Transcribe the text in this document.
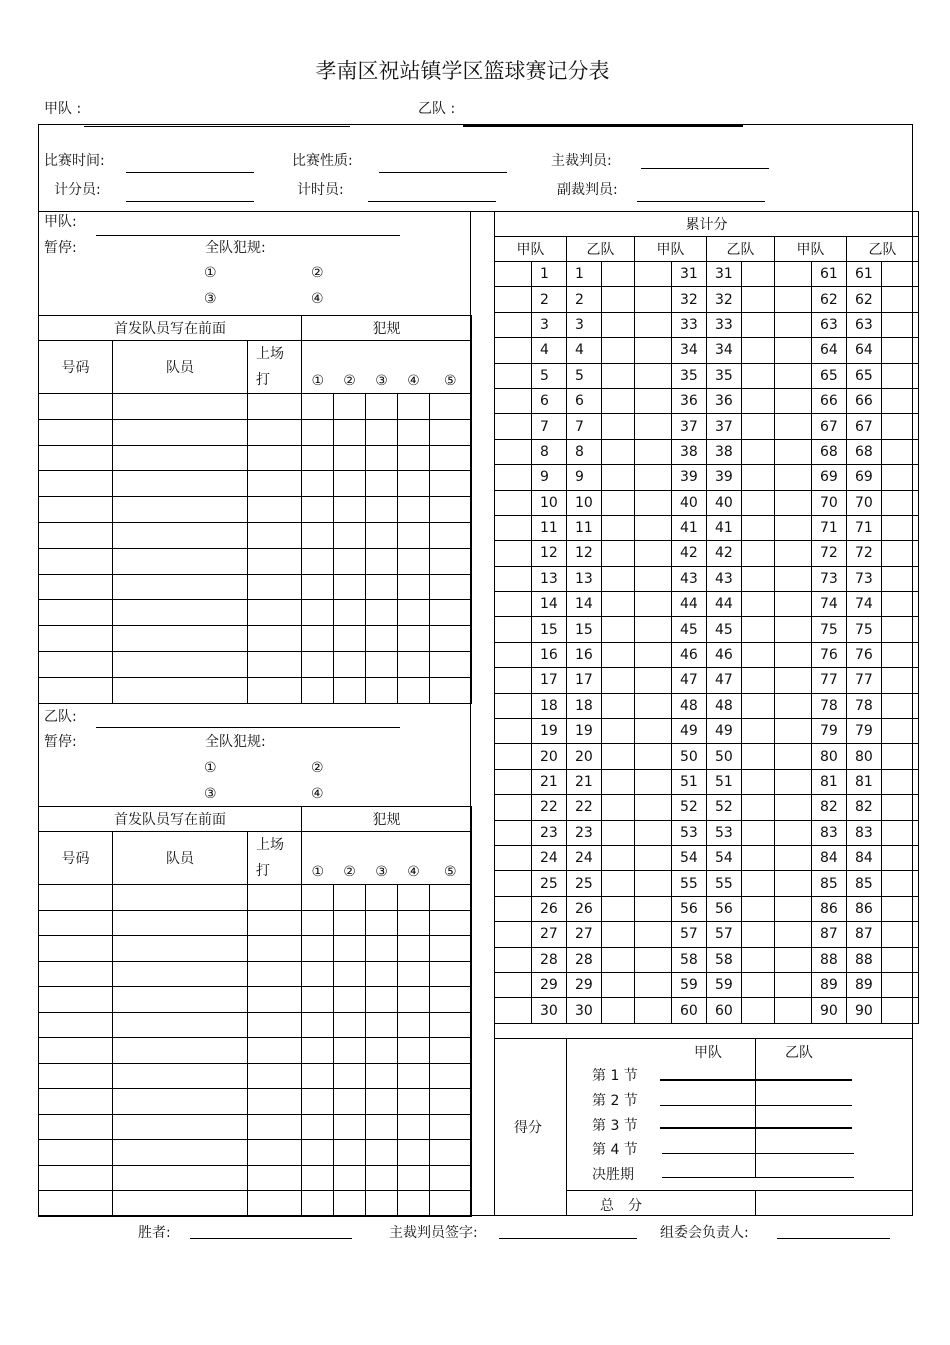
孝南区祝站镇学区篮球赛记分表
甲队 :	乙队 :
比赛时间:	比赛性质:	主裁判员:
计分员:	计时员:	副裁判员:
甲队:
暂停:	全队犯规:
①	②
③	④
首发队员写在前面			犯规				
号码	队员	上场
打	①	②	③	④	⑤

乙队:
暂停:	全队犯规:
①	②
③	④
首发队员写在前面			犯规				
号码	队员	上场
打	①	②	③	④	⑤

累计分											
甲队		乙队		甲队		乙队		甲队		乙队	
	1	1			31	31			61	61	
	2	2			32	32			62	62	
	3	3			33	33			63	63	
	4	4			34	34			64	64	
	5	5			35	35			65	65	
	6	6			36	36			66	66	
	7	7			37	37			67	67	
	8	8			38	38			68	68	
	9	9			39	39			69	69	
	10	10			40	40			70	70	
	11	11			41	41			71	71	
	12	12			42	42			72	72	
	13	13			43	43			73	73	
	14	14			44	44			74	74	
	15	15			45	45			75	75	
	16	16			46	46			76	76	
	17	17			47	47			77	77	
	18	18			48	48			78	78	
	19	19			49	49			79	79	
	20	20			50	50			80	80	
	21	21			51	51			81	81	
	22	22			52	52			82	82	
	23	23			53	53			83	83	
	24	24			54	54			84	84	
	25	25			55	55			85	85	
	26	26			56	56			86	86	
	27	27			57	57			87	87	
	28	28			58	58			88	88	
	29	29			59	59			89	89	
	30	30			60	60			90	90	
得分
甲队	乙队
第 1 节
第 2 节
第 3 节
第 4 节
决胜期
总　分
胜者:	主裁判员签字:	组委会负责人:
